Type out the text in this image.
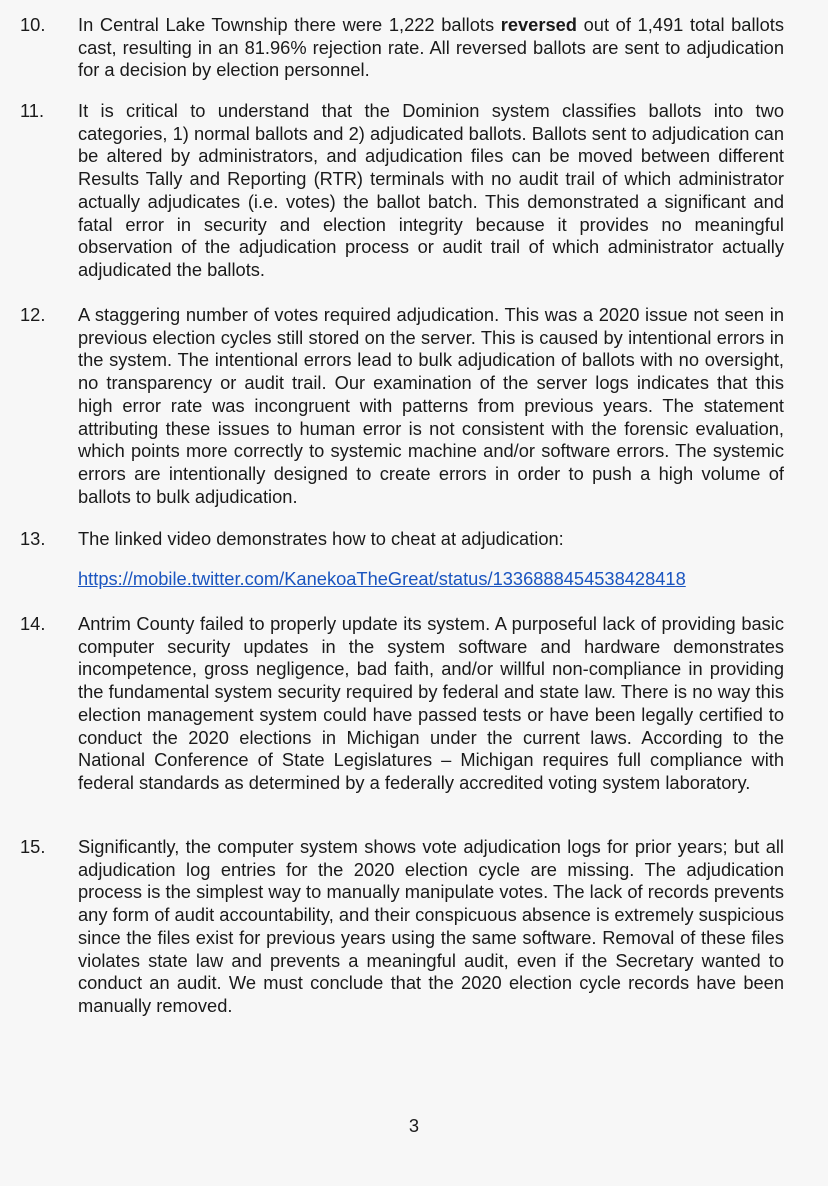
10. In Central Lake Township there were 1,222 ballots reversed out of 1,491 total ballots cast, resulting in an 81.96% rejection rate. All reversed ballots are sent to adjudication for a decision by election personnel.
11. It is critical to understand that the Dominion system classifies ballots into two categories, 1) normal ballots and 2) adjudicated ballots. Ballots sent to adjudication can be altered by administrators, and adjudication files can be moved between different Results Tally and Reporting (RTR) terminals with no audit trail of which administrator actually adjudicates (i.e. votes) the ballot batch. This demonstrated a significant and fatal error in security and election integrity because it provides no meaningful observation of the adjudication process or audit trail of which administrator actually adjudicated the ballots.
12. A staggering number of votes required adjudication. This was a 2020 issue not seen in previous election cycles still stored on the server. This is caused by intentional errors in the system. The intentional errors lead to bulk adjudication of ballots with no oversight, no transparency or audit trail. Our examination of the server logs indicates that this high error rate was incongruent with patterns from previous years. The statement attributing these issues to human error is not consistent with the forensic evaluation, which points more correctly to systemic machine and/or software errors. The systemic errors are intentionally designed to create errors in order to push a high volume of ballots to bulk adjudication.
13. The linked video demonstrates how to cheat at adjudication:
https://mobile.twitter.com/KanekoaTheGreat/status/1336888454538428418
14. Antrim County failed to properly update its system. A purposeful lack of providing basic computer security updates in the system software and hardware demonstrates incompetence, gross negligence, bad faith, and/or willful non-compliance in providing the fundamental system security required by federal and state law. There is no way this election management system could have passed tests or have been legally certified to conduct the 2020 elections in Michigan under the current laws. According to the National Conference of State Legislatures – Michigan requires full compliance with federal standards as determined by a federally accredited voting system laboratory.
15. Significantly, the computer system shows vote adjudication logs for prior years; but all adjudication log entries for the 2020 election cycle are missing. The adjudication process is the simplest way to manually manipulate votes. The lack of records prevents any form of audit accountability, and their conspicuous absence is extremely suspicious since the files exist for previous years using the same software. Removal of these files violates state law and prevents a meaningful audit, even if the Secretary wanted to conduct an audit. We must conclude that the 2020 election cycle records have been manually removed.
3
